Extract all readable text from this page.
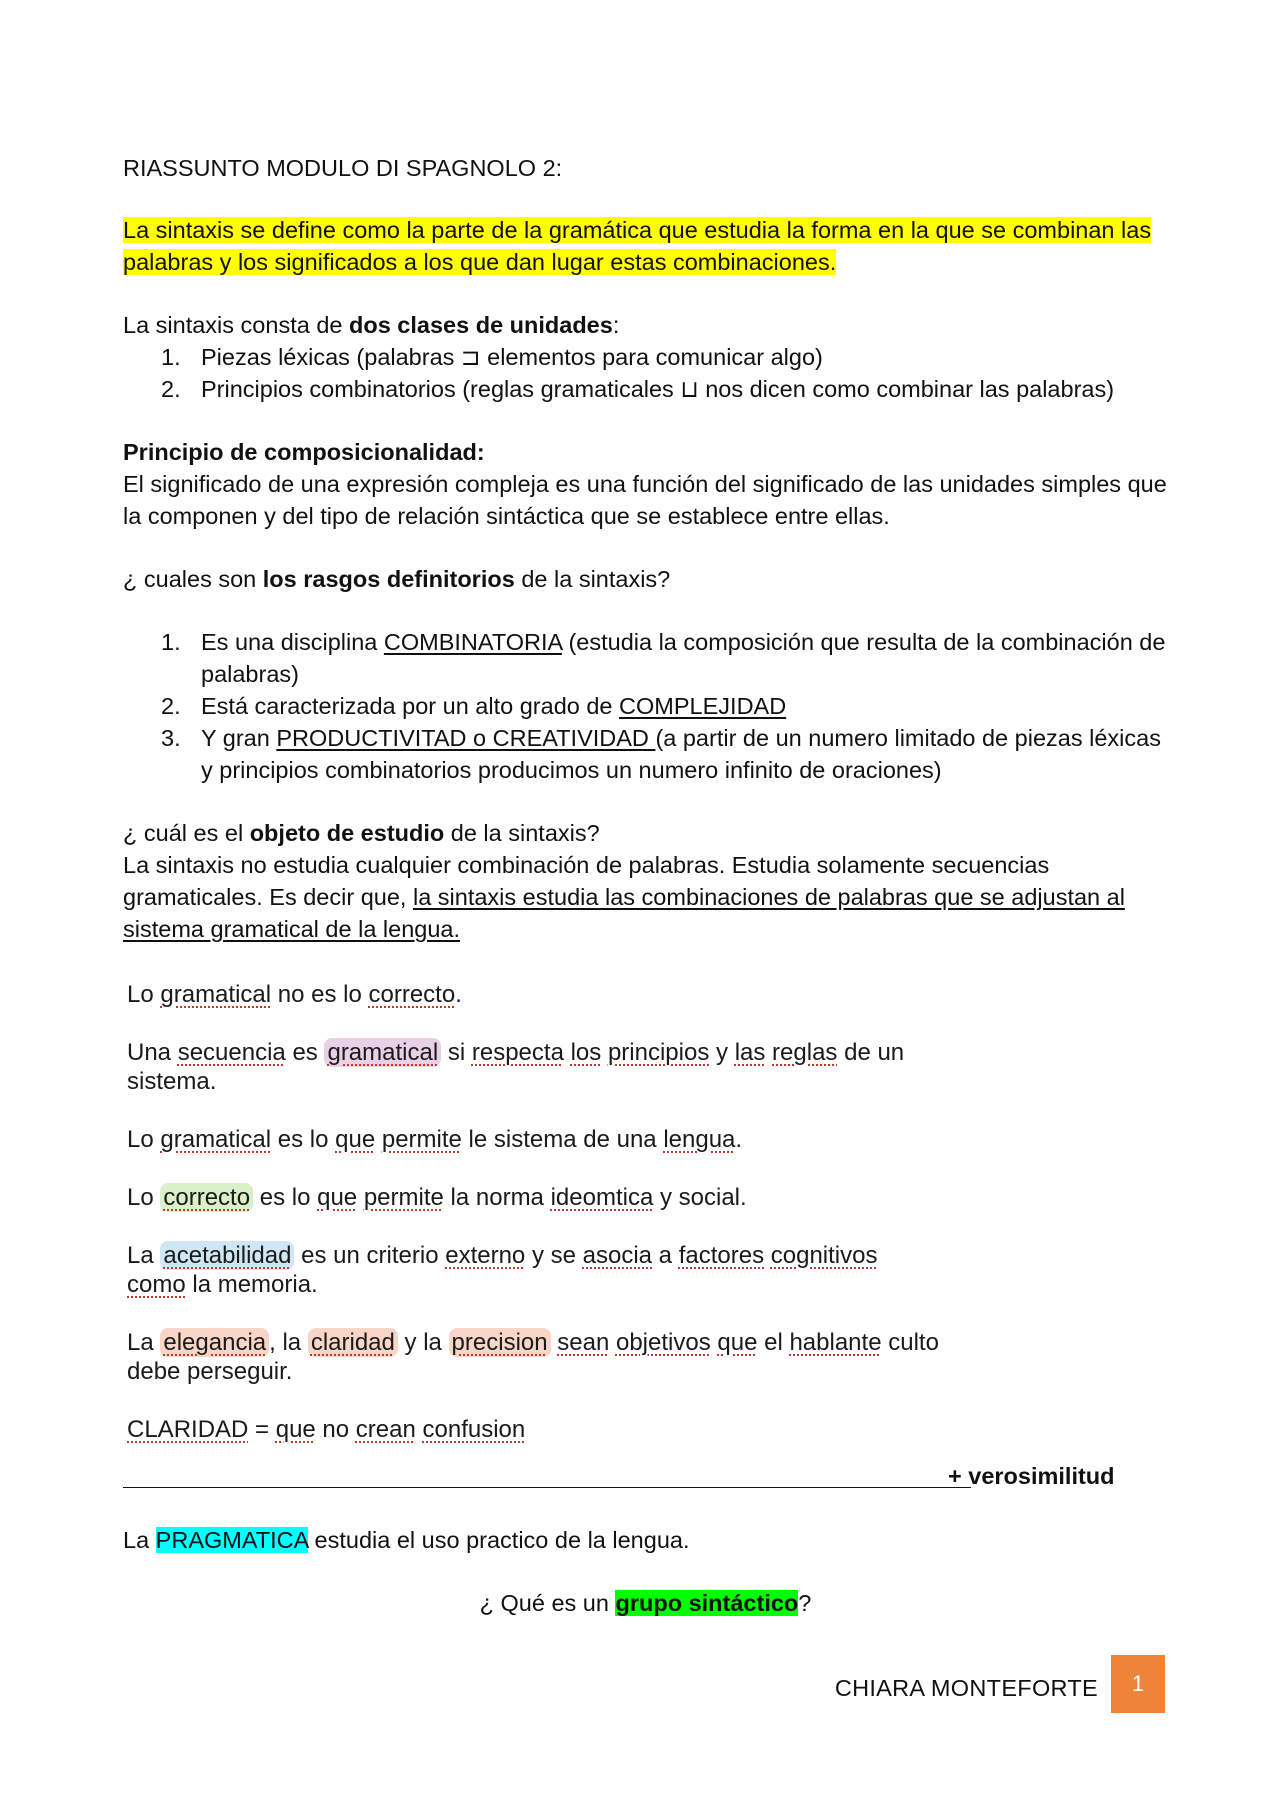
RIASSUNTO MODULO DI SPAGNOLO 2:
La sintaxis se define como la parte de la gramática que estudia la forma en la que se combinan las palabras y los significados a los que dan lugar estas combinaciones.
La sintaxis consta de dos clases de unidades:
1. Piezas léxicas (palabras ⊐ elementos para comunicar algo)
2. Principios combinatorios (reglas gramaticales ⊔ nos dicen como combinar las palabras)
Principio de composicionalidad:
El significado de una expresión compleja es una función del significado de las unidades simples que la componen y del tipo de relación sintáctica que se establece entre ellas.
¿ cuales son los rasgos definitorios de la sintaxis?
1. Es una disciplina COMBINATORIA (estudia la composición que resulta de la combinación de palabras)
2. Está caracterizada por un alto grado de COMPLEJIDAD
3. Y gran PRODUCTIVITAD o CREATIVIDAD (a partir de un numero limitado de piezas léxicas y principios combinatorios producimos un numero infinito de oraciones)
¿ cuál es el objeto de estudio de la sintaxis?
La sintaxis no estudia cualquier combinación de palabras. Estudia solamente secuencias gramaticales. Es decir que, la sintaxis estudia las combinaciones de palabras que se adjustan al sistema gramatical de la lengua.

Lo gramatical no es lo correcto.

Una secuencia es gramatical si respecta los principios y las reglas de un sistema.

Lo gramatical es lo que permite le sistema de una lengua.

Lo correcto es lo que permite la norma ideomtica y social.

La acetabilidad es un criterio externo y se asocia a factores cognitivos como la memoria.

La elegancia , la claridad y la precision sean objetivos que el hablante culto debe perseguir.

CLARIDAD = que no crean confusion

+ verosimilitud
La PRAGMATICA estudia el uso practico de la lengua.
¿ Qué es un grupo sintáctico?
CHIARA MONTEFORTE	1
